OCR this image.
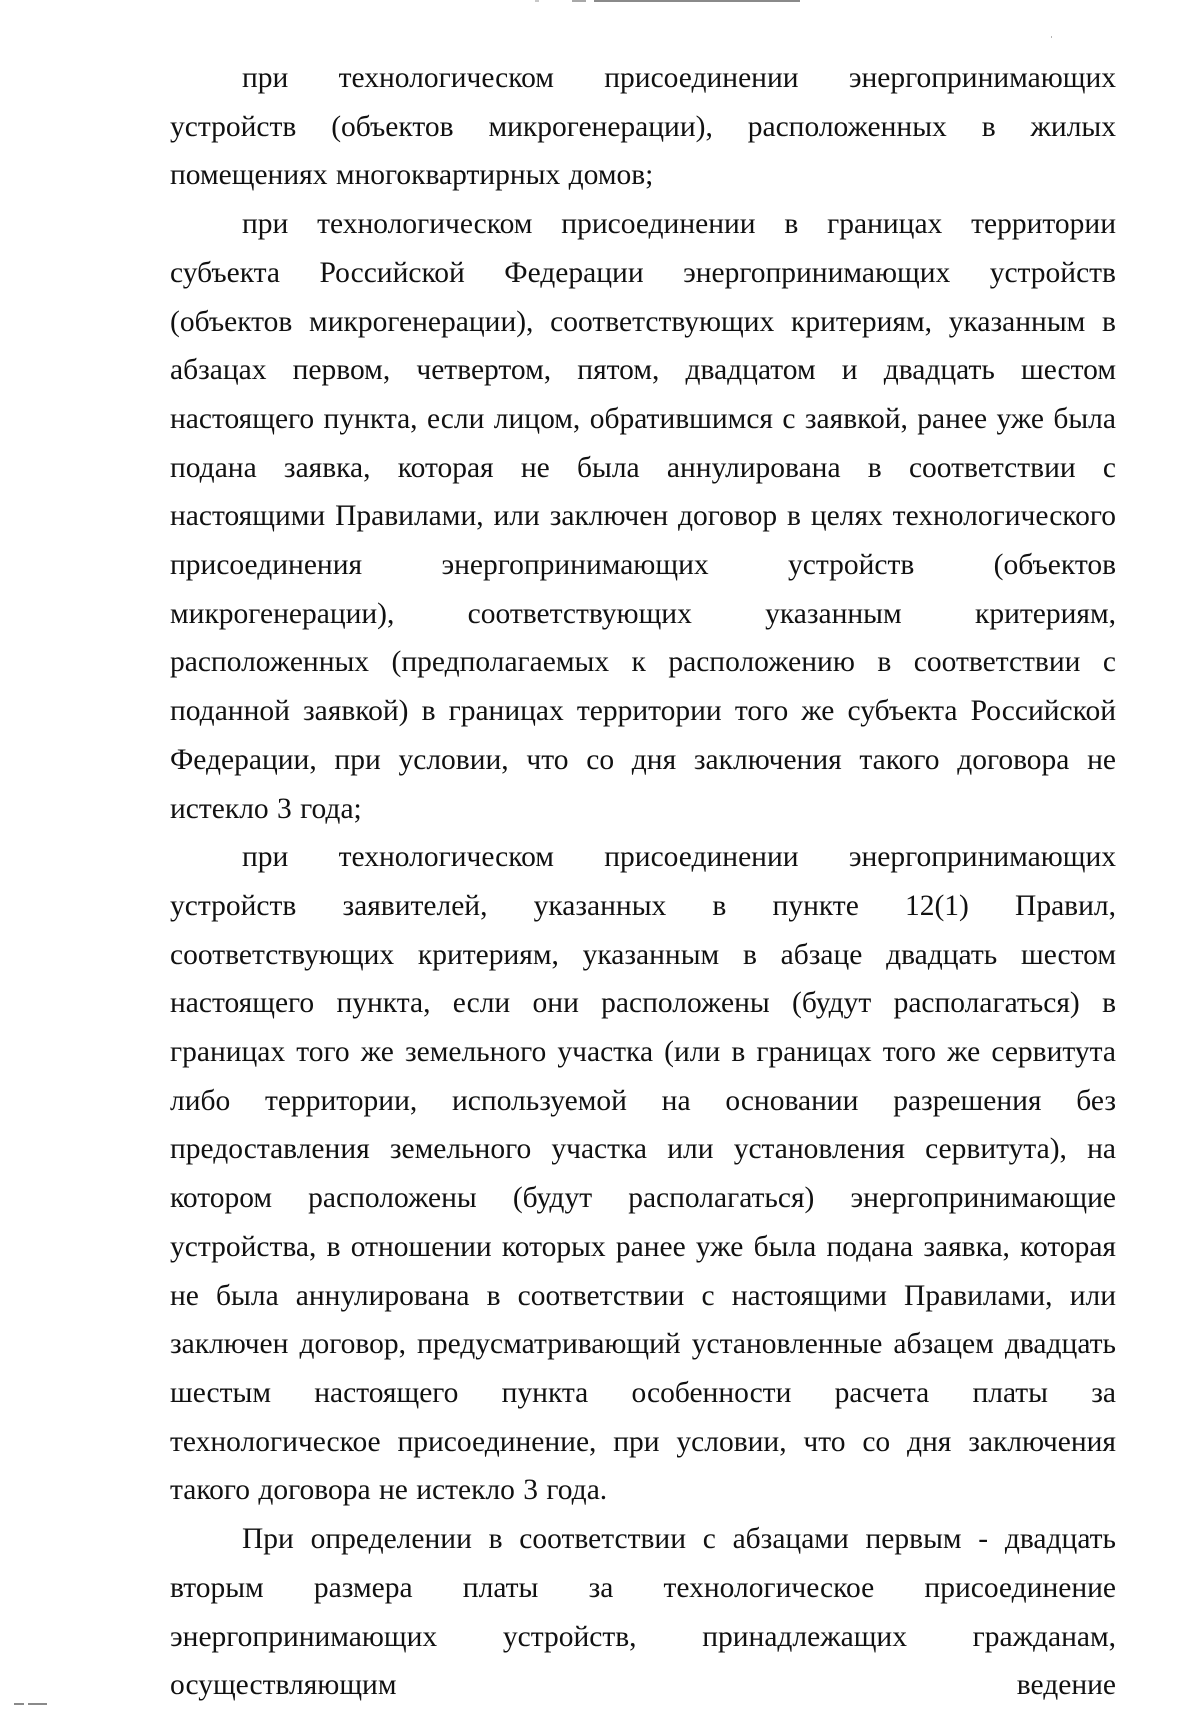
при технологическом присоединении энергопринимающих устройств (объектов микрогенерации), расположенных в жилых помещениях многоквартирных домов;

при технологическом присоединении в границах территории субъекта Российской Федерации энергопринимающих устройств (объектов микрогенерации), соответствующих критериям, указанным в абзацах первом, четвертом, пятом, двадцатом и двадцать шестом настоящего пункта, если лицом, обратившимся с заявкой, ранее уже была подана заявка, которая не была аннулирована в соответствии с настоящими Правилами, или заключен договор в целях технологического присоединения энергопринимающих устройств (объектов микрогенерации), соответствующих указанным критериям, расположенных (предполагаемых к расположению в соответствии с поданной заявкой) в границах территории того же субъекта Российской Федерации, при условии, что со дня заключения такого договора не истекло 3 года;

при технологическом присоединении энергопринимающих устройств заявителей, указанных в пункте 12(1) Правил, соответствующих критериям, указанным в абзаце двадцать шестом настоящего пункта, если они расположены (будут располагаться) в границах того же земельного участка (или в границах того же сервитута либо территории, используемой на основании разрешения без предоставления земельного участка или установления сервитута), на котором расположены (будут располагаться) энергопринимающие устройства, в отношении которых ранее уже была подана заявка, которая не была аннулирована в соответствии с настоящими Правилами, или заключен договор, предусматривающий установленные абзацем двадцать шестым настоящего пункта особенности расчета платы за технологическое присоединение, при условии, что со дня заключения такого договора не истекло 3 года.

При определении в соответствии с абзацами первым - двадцать вторым размера платы за технологическое присоединение энергопринимающих устройств, принадлежащих гражданам, осуществляющим ведение
